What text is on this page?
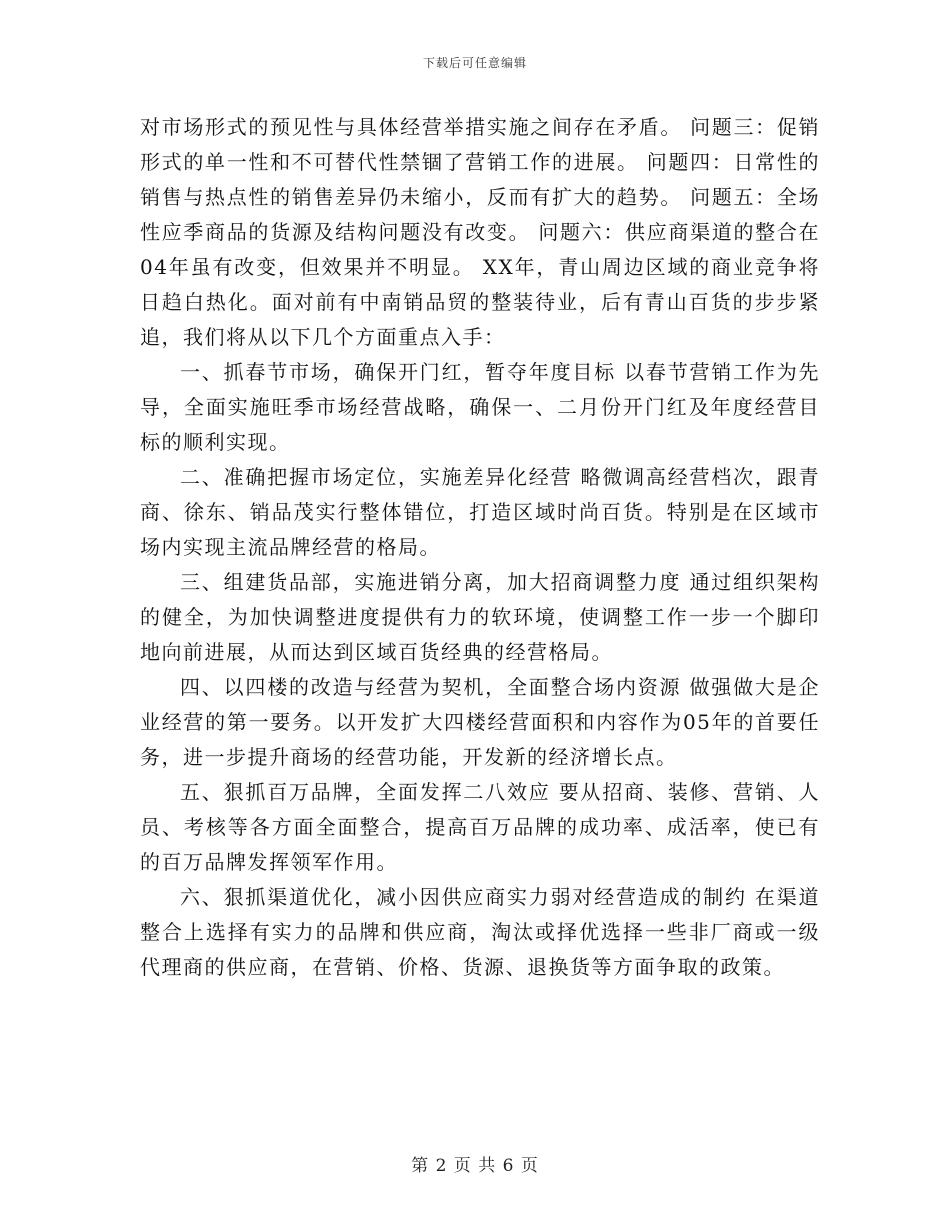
下载后可任意编辑

对市场形式的预见性与具体经营举措实施之间存在矛盾。 问题三：促销形式的单一性和不可替代性禁锢了营销工作的进展。 问题四：日常性的销售与热点性的销售差异仍未缩小，反而有扩大的趋势。 问题五：全场性应季商品的货源及结构问题没有改变。 问题六：供应商渠道的整合在04年虽有改变，但效果并不明显。 XX年，青山周边区域的商业竞争将日趋白热化。面对前有中南销品贸的整装待业，后有青山百货的步步紧追，我们将从以下几个方面重点入手：

一、抓春节市场，确保开门红，暂夺年度目标 以春节营销工作为先导，全面实施旺季市场经营战略，确保一、二月份开门红及年度经营目标的顺利实现。

二、准确把握市场定位，实施差异化经营 略微调高经营档次，跟青商、徐东、销品茂实行整体错位，打造区域时尚百货。特别是在区域市场内实现主流品牌经营的格局。

三、组建货品部，实施进销分离，加大招商调整力度 通过组织架构的健全，为加快调整进度提供有力的软环境，使调整工作一步一个脚印地向前进展，从而达到区域百货经典的经营格局。

四、以四楼的改造与经营为契机，全面整合场内资源 做强做大是企业经营的第一要务。以开发扩大四楼经营面积和内容作为05年的首要任务，进一步提升商场的经营功能，开发新的经济增长点。

五、狠抓百万品牌，全面发挥二八效应 要从招商、装修、营销、人员、考核等各方面全面整合，提高百万品牌的成功率、成活率，使已有的百万品牌发挥领军作用。

六、狠抓渠道优化，减小因供应商实力弱对经营造成的制约 在渠道整合上选择有实力的品牌和供应商，淘汰或择优选择一些非厂商或一级代理商的供应商，在营销、价格、货源、退换货等方面争取的政策。

第 2 页 共 6 页
